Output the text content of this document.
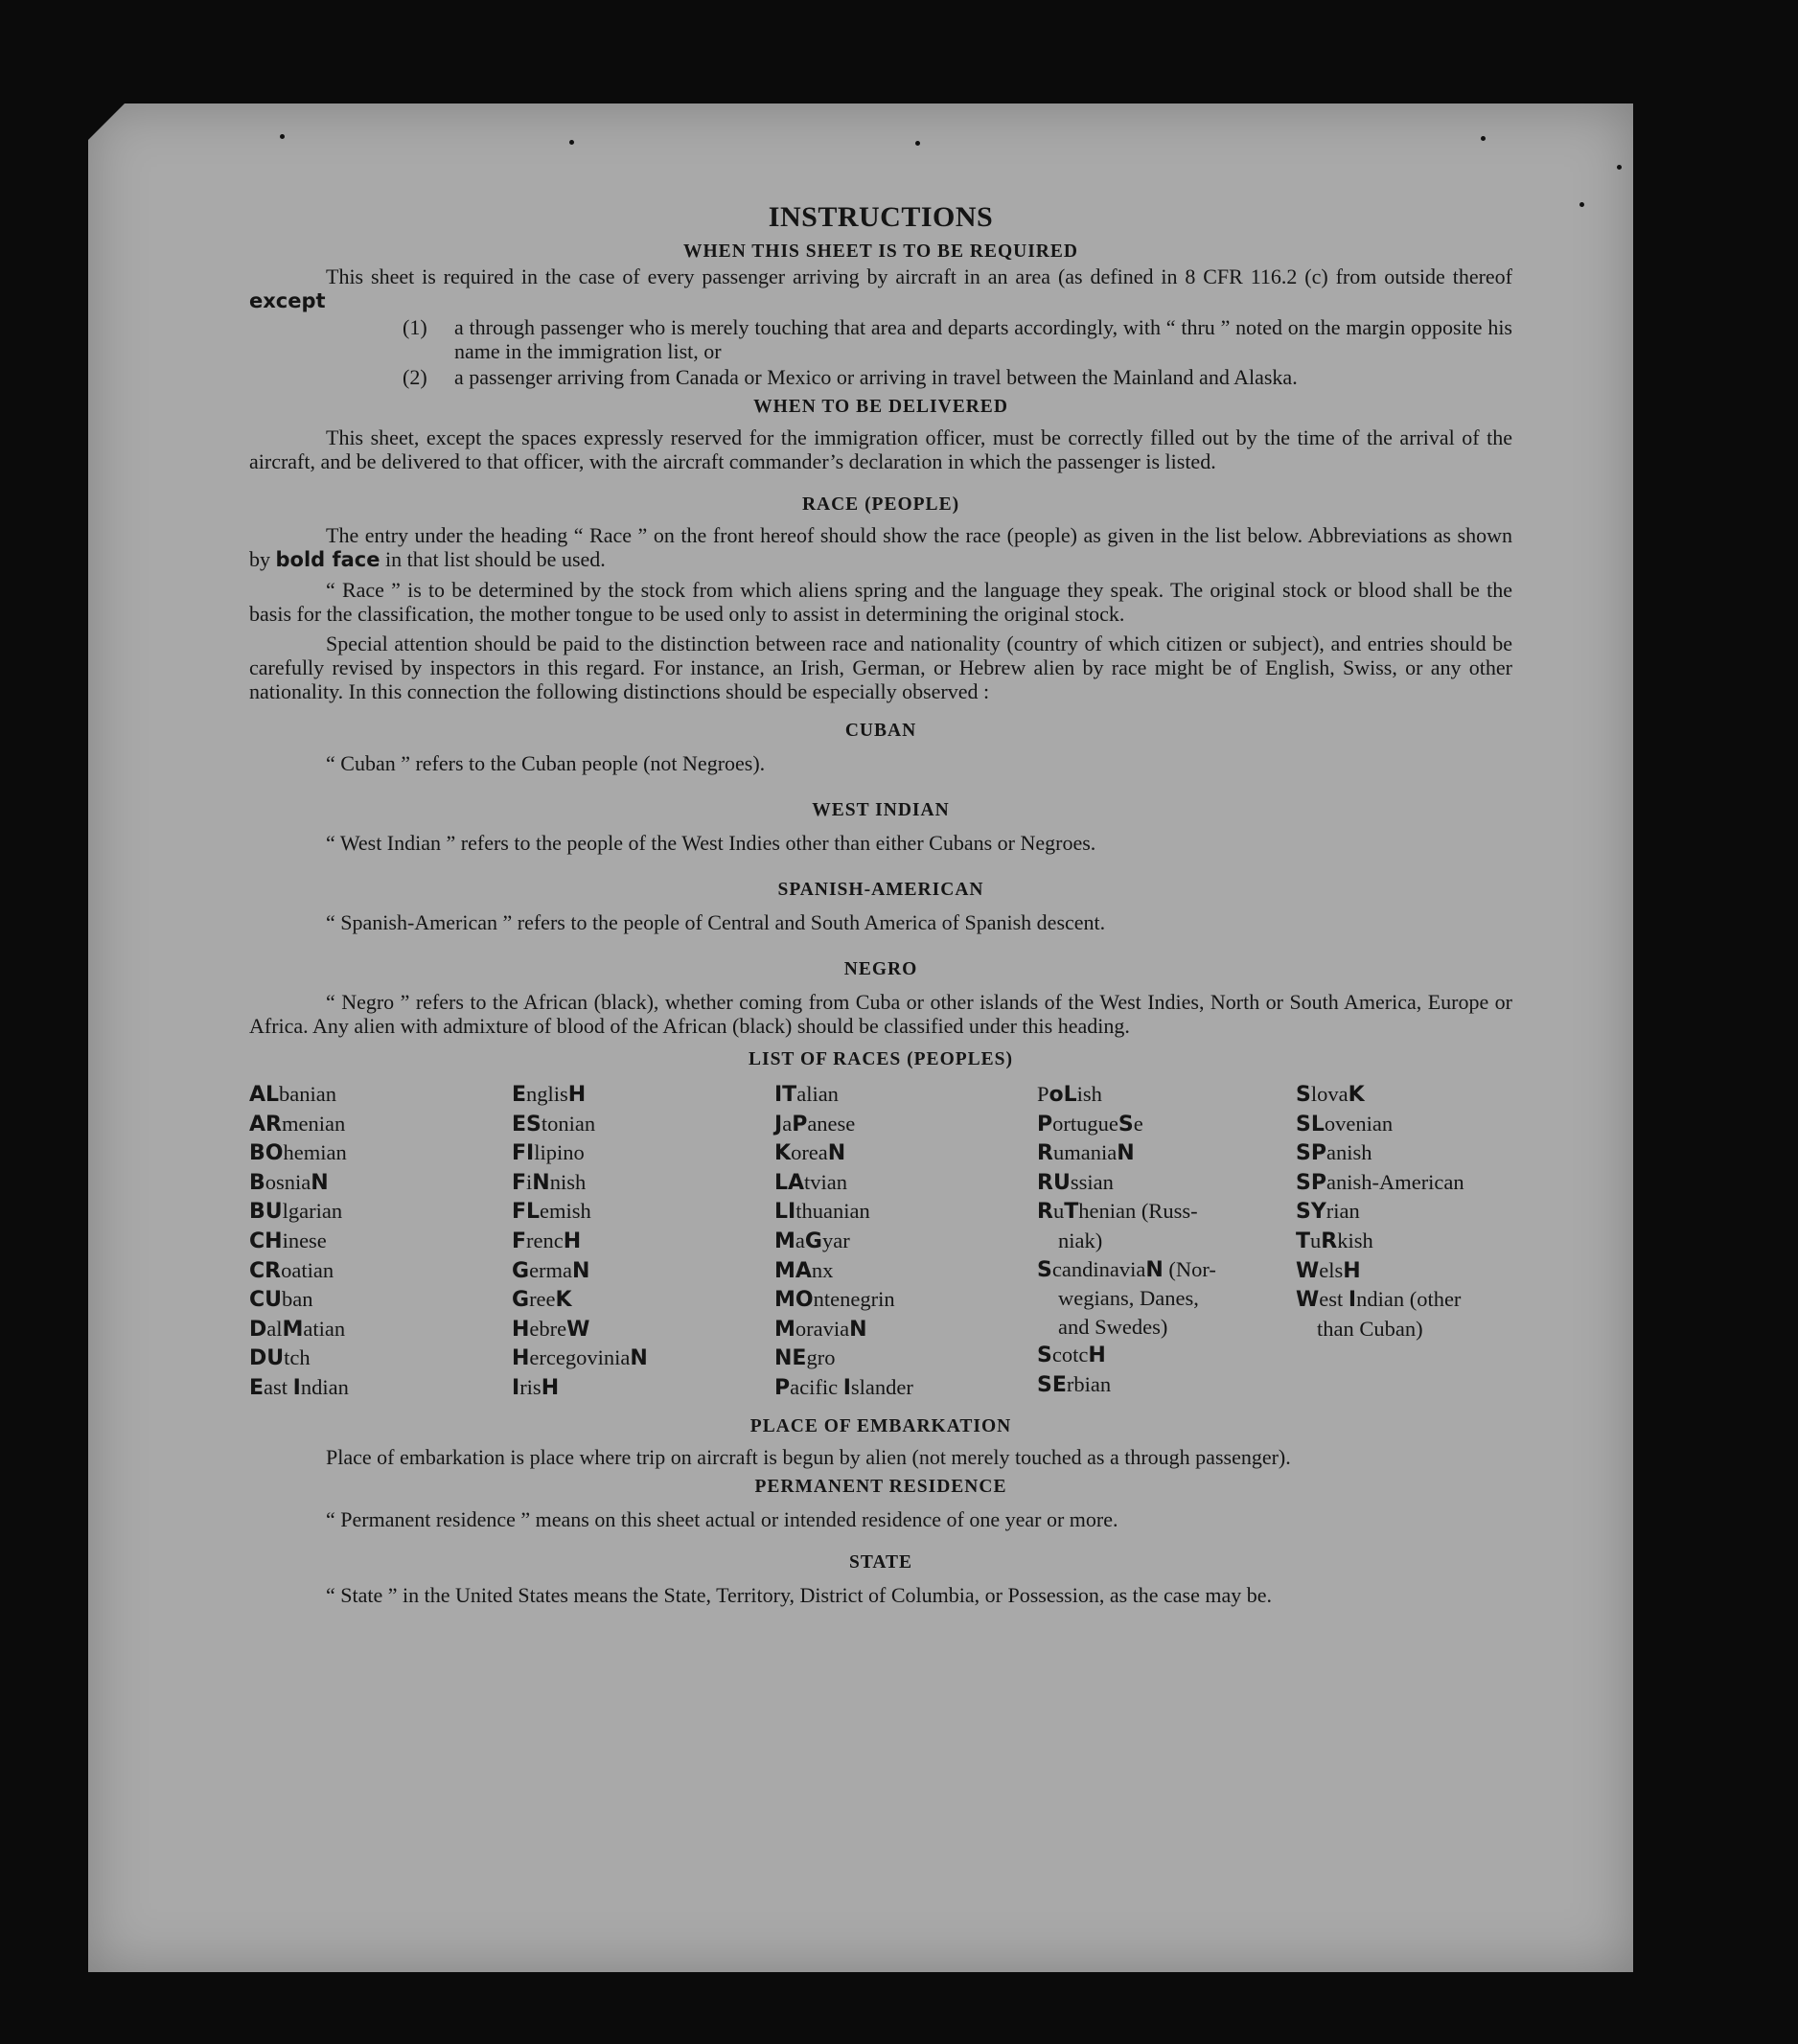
INSTRUCTIONS
WHEN THIS SHEET IS TO BE REQUIRED

This sheet is required in the case of every passenger arriving by aircraft in an area (as defined in 8 CFR 116.2 (c) from outside thereof except

(1)	a through passenger who is merely touching that area and departs accordingly, with “ thru ” noted on the margin opposite his name in the immigration list, or
(2)	a passenger arriving from Canada or Mexico or arriving in travel between the Mainland and Alaska.
WHEN TO BE DELIVERED

This sheet, except the spaces expressly reserved for the immigration officer, must be correctly filled out by the time of the arrival of the aircraft, and be delivered to that officer, with the aircraft commander’s declaration in which the passenger is listed.

RACE (PEOPLE)

The entry under the heading “ Race ” on the front hereof should show the race (people) as given in the list below. Abbreviations as shown by bold face in that list should be used.

“ Race ” is to be determined by the stock from which aliens spring and the language they speak. The original stock or blood shall be the basis for the classification, the mother tongue to be used only to assist in determining the original stock.

Special attention should be paid to the distinction between race and nationality (country of which citizen or subject), and entries should be carefully revised by inspectors in this regard. For instance, an Irish, German, or Hebrew alien by race might be of English, Swiss, or any other nationality. In this connection the following distinctions should be especially observed :

CUBAN

“ Cuban ” refers to the Cuban people (not Negroes).

WEST INDIAN

“ West Indian ” refers to the people of the West Indies other than either Cubans or Negroes.

SPANISH-AMERICAN

“ Spanish-American ” refers to the people of Central and South America of Spanish descent.

NEGRO

“ Negro ” refers to the African (black), whether coming from Cuba or other islands of the West Indies, North or South America, Europe or Africa. Any alien with admixture of blood of the African (black) should be classified under this heading.

LIST OF RACES (PEOPLES)
ALbanian
ARmenian
BOhemian
BosniaN
BUlgarian
CHinese
CRoatian
CUban
DalMatian
DUtch
East Indian
EnglisH
EStonian
FIlipino
FiNnish
FLemish
FrencH
GermaN
GreeK
HebreW
HercegoviniaN
IrisH
ITalian
JaPanese
KoreaN
LAtvian
LIthuanian
MaGyar
MAnx
MOntenegrin
MoraviaN
NEgro
Pacific Islander
PoLish
PortugueSe
RumaniaN
RUssian
RuThenian (Russ-
niak)
ScandinaviaN (Nor-
wegians, Danes,
and Swedes)
ScotcH
SErbian
SlovaK
SLovenian
SPanish
SPanish-American
SYrian
TuRkish
WelsH
West Indian (other
than Cuban)
PLACE OF EMBARKATION

Place of embarkation is place where trip on aircraft is begun by alien (not merely touched as a through passenger).

PERMANENT RESIDENCE

“ Permanent residence ” means on this sheet actual or intended residence of one year or more.

STATE

“ State ” in the United States means the State, Territory, District of Columbia, or Possession, as the case may be.
